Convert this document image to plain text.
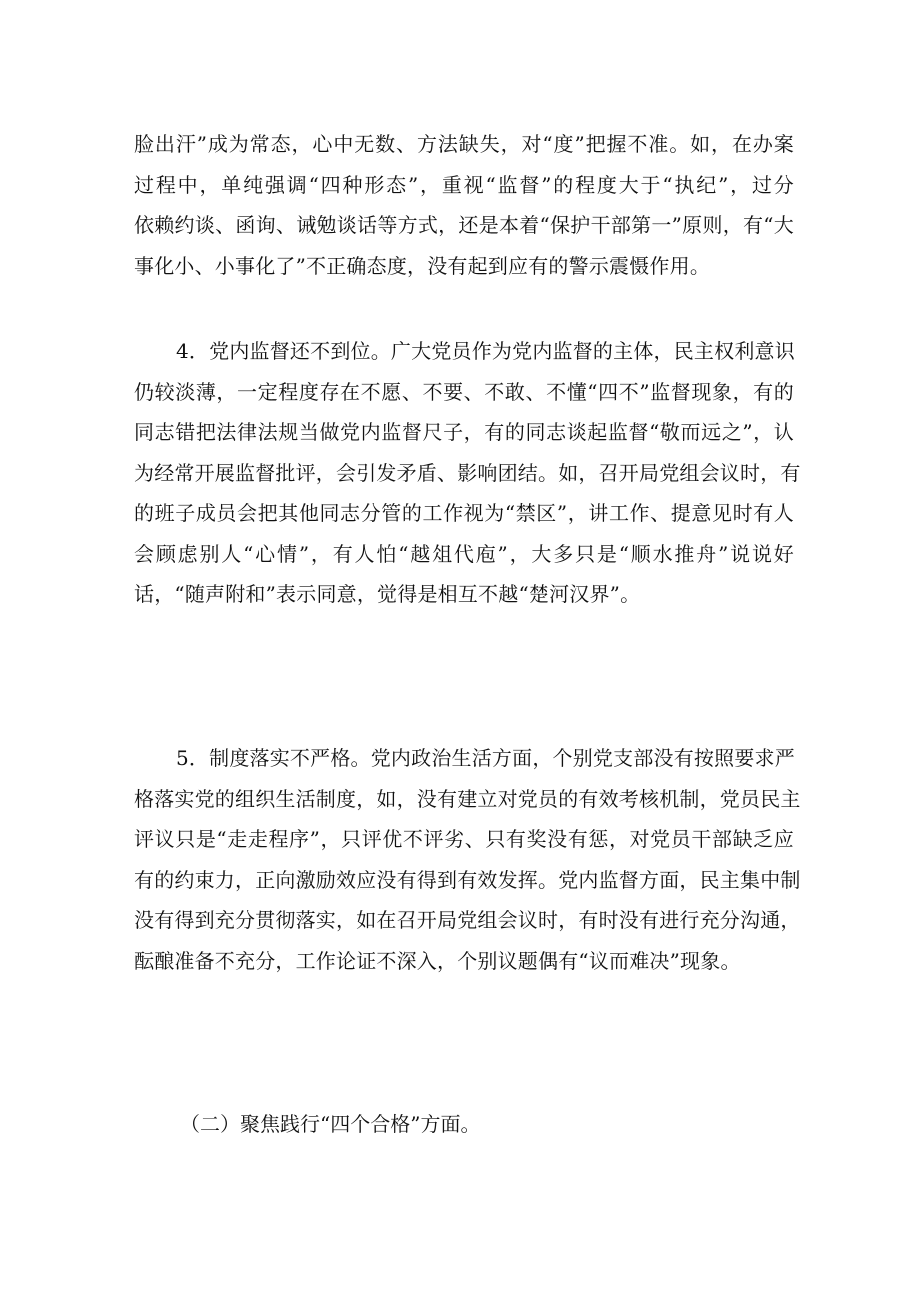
脸出汗”成为常态，心中无数、方法缺失，对“度”把握不准。如，在办案
过程中，单纯强调“四种形态”，重视“监督”的程度大于“执纪”，过分
依赖约谈、函询、诫勉谈话等方式，还是本着“保护干部第一”原则，有“大
事化小、小事化了”不正确态度，没有起到应有的警示震慑作用。
4．党内监督还不到位。广大党员作为党内监督的主体，民主权利意识
仍较淡薄，一定程度存在不愿、不要、不敢、不懂“四不”监督现象，有的
同志错把法律法规当做党内监督尺子，有的同志谈起监督“敬而远之”，认
为经常开展监督批评，会引发矛盾、影响团结。如，召开局党组会议时，有
的班子成员会把其他同志分管的工作视为“禁区”，讲工作、提意见时有人
会顾虑别人“心情”，有人怕“越俎代庖”，大多只是“顺水推舟”说说好
话，“随声附和”表示同意，觉得是相互不越“楚河汉界”。
5．制度落实不严格。党内政治生活方面，个别党支部没有按照要求严
格落实党的组织生活制度，如，没有建立对党员的有效考核机制，党员民主
评议只是“走走程序”，只评优不评劣、只有奖没有惩，对党员干部缺乏应
有的约束力，正向激励效应没有得到有效发挥。党内监督方面，民主集中制
没有得到充分贯彻落实，如在召开局党组会议时，有时没有进行充分沟通，
酝酿准备不充分，工作论证不深入，个别议题偶有“议而难决”现象。
（二）聚焦践行“四个合格”方面。
